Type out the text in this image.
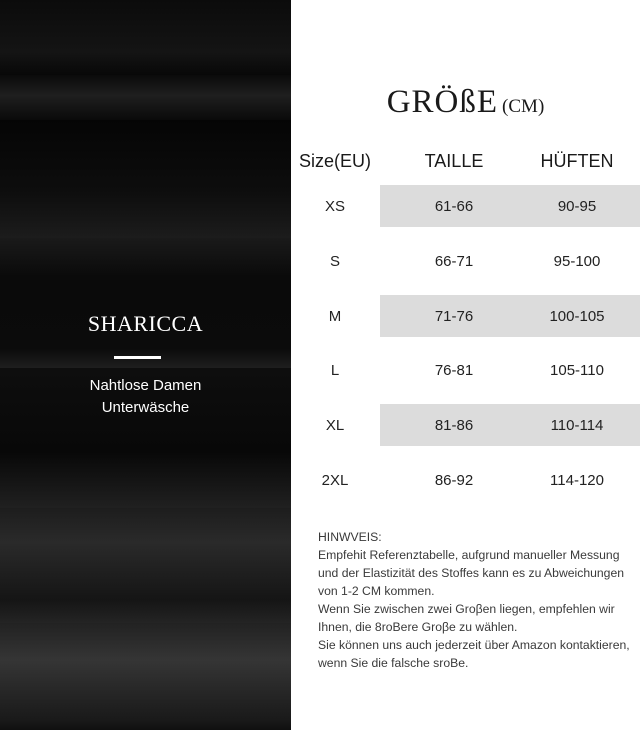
SHARICCA
Nahtlose Damen
Unterwäsche
GRÖßE (CM)
Size(EU)	TAILLE	HÜFTEN
XS	61-66	90-95
S	66-71	95-100
M	71-76	100-105
L	76-81	105-110
XL	81-86	110-114
2XL	86-92	114-120

HINWVEIS:

Empfehit Referenztabelle, aufgrund manueller Messung

und der Elastizität des Stoffes kann es zu Abweichungen

von 1-2 CM kommen.

Wenn Sie zwischen zwei Groβen liegen, empfehlen wir

Ihnen, die 8roBere Groβe zu wählen.

Sie können uns auch jederzeit über Amazon kontaktieren,

wenn Sie die falsche sroBe.
